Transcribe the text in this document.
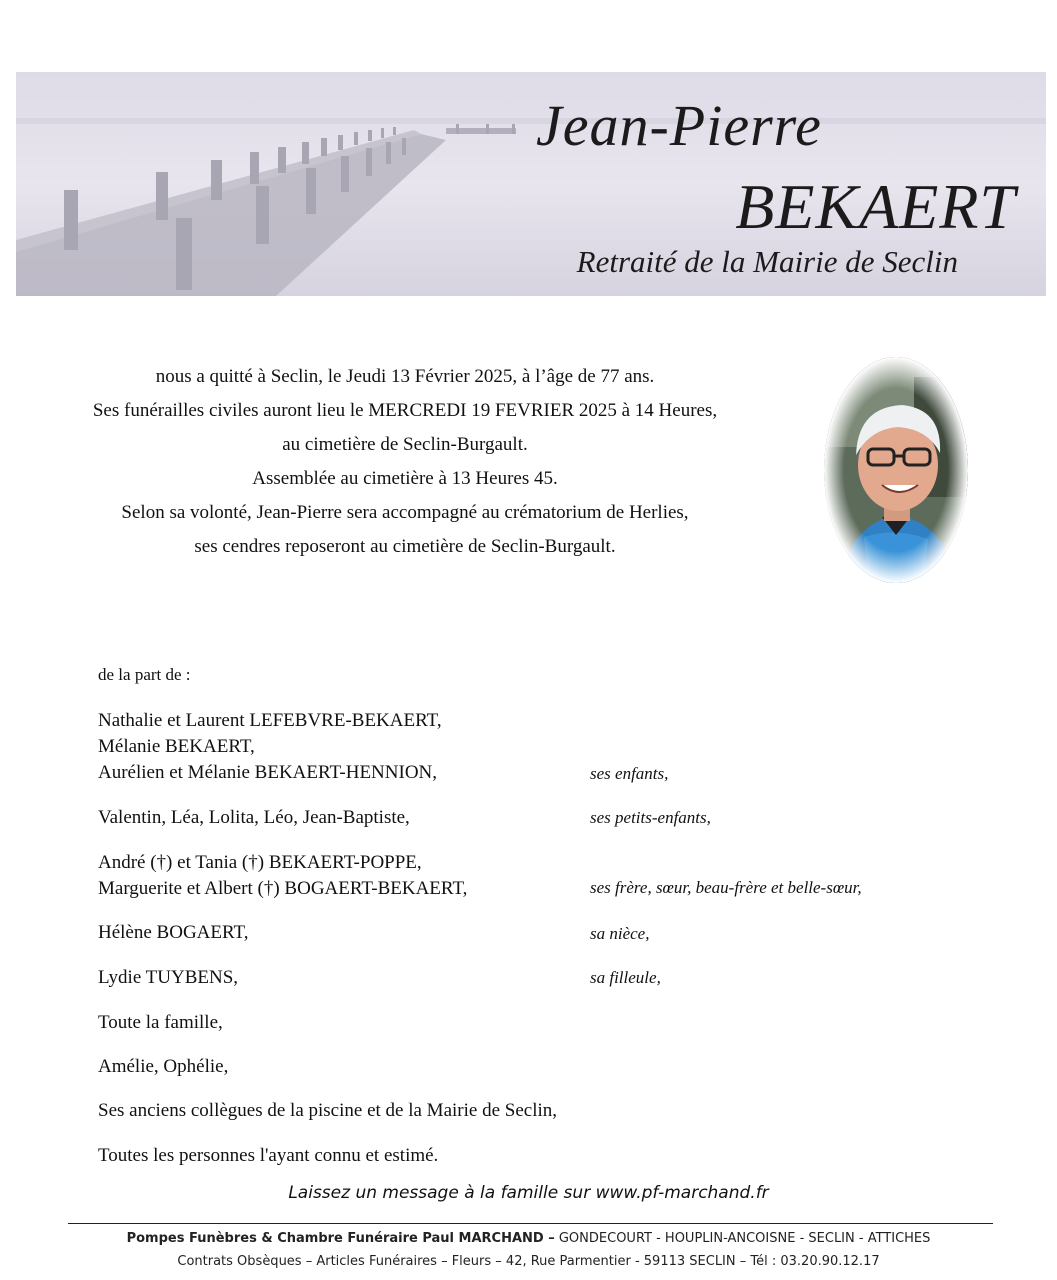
Jean-Pierre
BEKAERT
Retraité de la Mairie de Seclin
nous a quitté à Seclin, le Jeudi 13 Février 2025, à l’âge de 77 ans.
Ses funérailles civiles auront lieu le MERCREDI 19 FEVRIER 2025 à 14 Heures,
au cimetière de Seclin-Burgault.
Assemblée au cimetière à 13 Heures 45.
Selon sa volonté, Jean-Pierre sera accompagné au crématorium de Herlies,
ses cendres reposeront au cimetière de Seclin-Burgault.
de la part de :
Nathalie et Laurent LEFEBVRE-BEKAERT,
Mélanie BEKAERT,
Aurélien et Mélanie BEKAERT-HENNION,	ses enfants,
Valentin, Léa, Lolita, Léo, Jean-Baptiste,	ses petits-enfants,
André (†) et Tania (†) BEKAERT-POPPE,
Marguerite et Albert (†) BOGAERT-BEKAERT,	ses frère, sœur, beau-frère et belle-sœur,
Hélène BOGAERT,	sa nièce,
Lydie TUYBENS,	sa filleule,
Toute la famille,
Amélie, Ophélie,
Ses anciens collègues de la piscine et de la Mairie de Seclin,
Toutes les personnes l'ayant connu et estimé.
Laissez un message à la famille sur www.pf-marchand.fr
Pompes Funèbres & Chambre Funéraire Paul MARCHAND – GONDECOURT - HOUPLIN-ANCOISNE - SECLIN - ATTICHES
Contrats Obsèques – Articles Funéraires – Fleurs – 42, Rue Parmentier - 59113 SECLIN – Tél : 03.20.90.12.17
